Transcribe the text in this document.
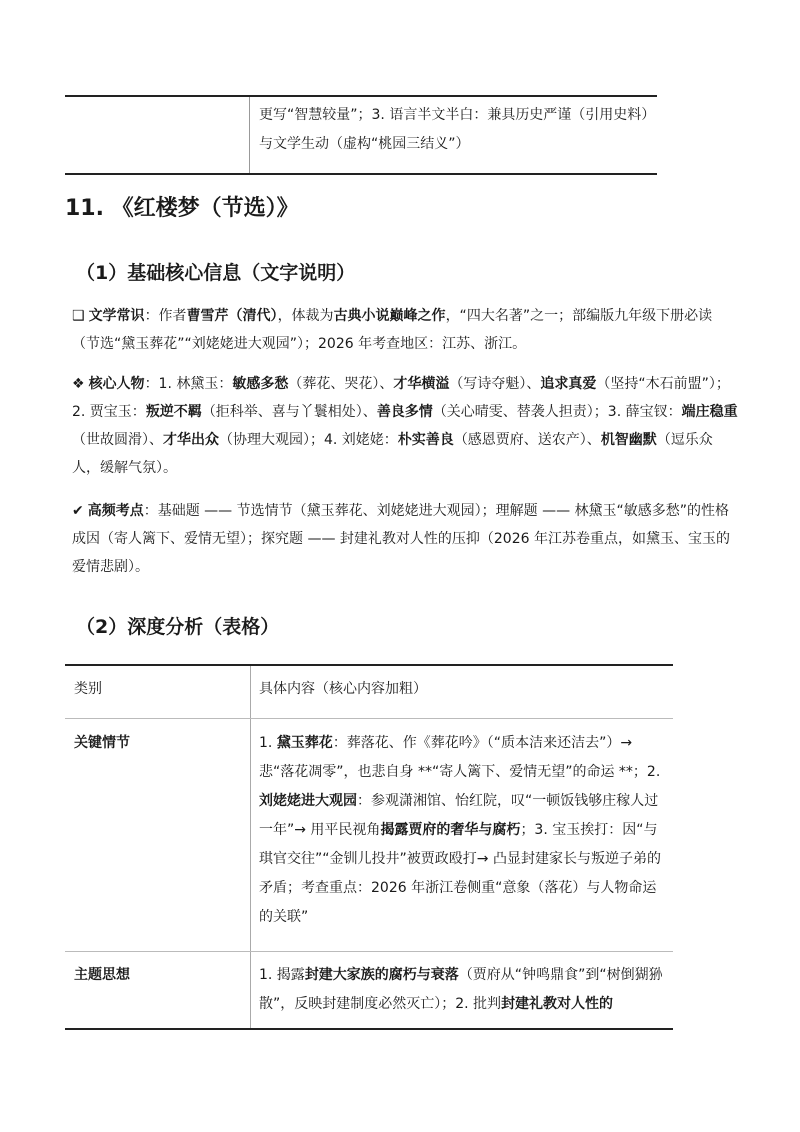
更写“智慧较量”；3. 语言半文半白：兼具历史严谨（引用史料）与文学生动（虚构“桃园三结义”）
11. 《红楼梦（节选）》
（1）基础核心信息（文字说明）

❑ 文学常识：作者曹雪芹（清代），体裁为古典小说巅峰之作，“四大名著”之一；部编版九年级下册必读（节选“黛玉葬花”“刘姥姥进大观园”）；2026 年考查地区：江苏、浙江。

❖ 核心人物：1. 林黛玉：敏感多愁（葬花、哭花）、才华横溢（写诗夺魁）、追求真爱（坚持“木石前盟”）；2. 贾宝玉：叛逆不羁（拒科举、喜与丫鬟相处）、善良多情（关心晴雯、替袭人担责）；3. 薛宝钗：端庄稳重（世故圆滑）、才华出众（协理大观园）；4. 刘姥姥：朴实善良（感恩贾府、送农产）、机智幽默（逗乐众人，缓解气氛）。

✔ 高频考点：基础题 —— 节选情节（黛玉葬花、刘姥姥进大观园）；理解题 —— 林黛玉“敏感多愁”的性格成因（寄人篱下、爱情无望）；探究题 —— 封建礼教对人性的压抑（2026 年江苏卷重点，如黛玉、宝玉的爱情悲剧）。

（2）深度分析（表格）
类别	具体内容（核心内容加粗）
关键情节	1. 黛玉葬花：葬落花、作《葬花吟》（“质本洁来还洁去”）→ 悲“落花凋零”，也悲自身 **“寄人篱下、爱情无望”的命运 **；2. 刘姥姥进大观园：参观潇湘馆、怡红院，叹“一顿饭钱够庄稼人过一年”→ 用平民视角揭露贾府的奢华与腐朽；3. 宝玉挨打：因“与琪官交往”“金钏儿投井”被贾政殴打→ 凸显封建家长与叛逆子弟的矛盾；考查重点：2026 年浙江卷侧重“意象（落花）与人物命运的关联”
主题思想	1. 揭露封建大家族的腐朽与衰落（贾府从“钟鸣鼎食”到“树倒猢狲散”，反映封建制度必然灭亡）；2. 批判封建礼教对人性的
